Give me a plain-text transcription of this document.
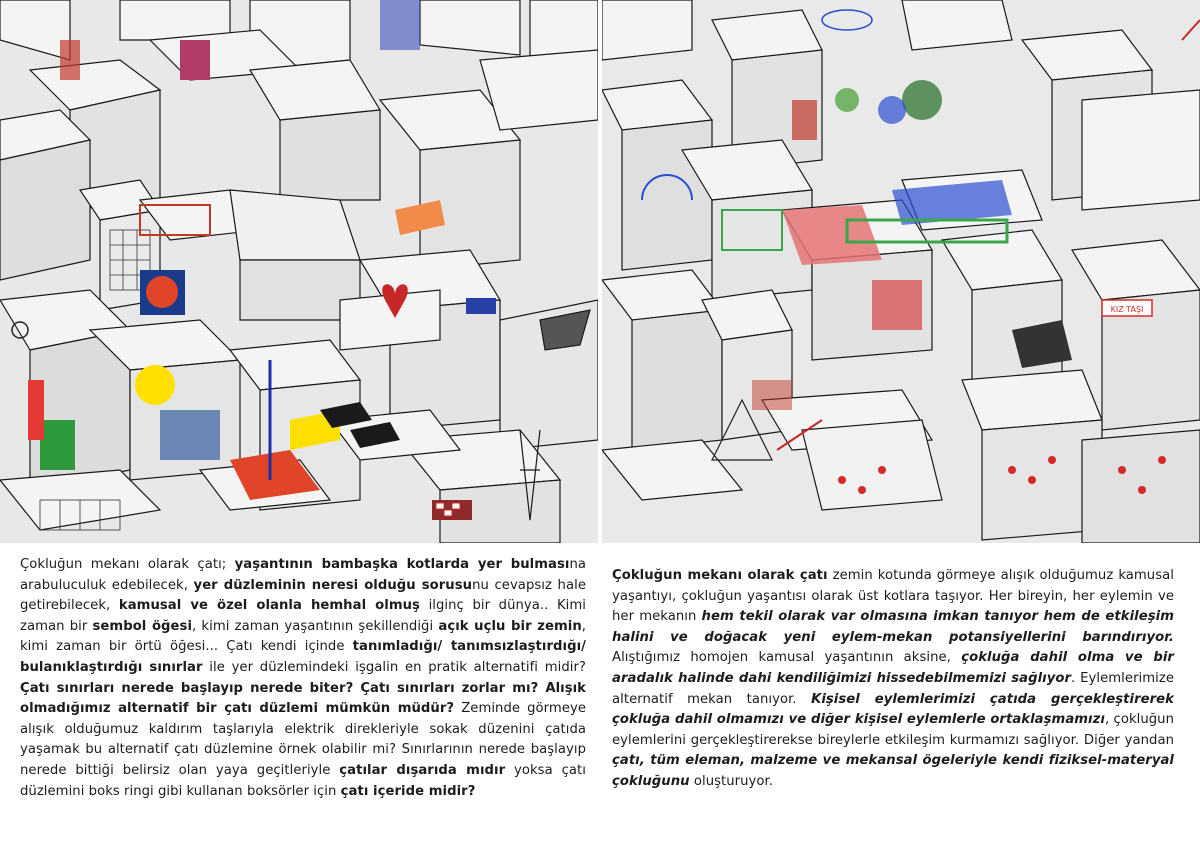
KIZ TAŞI
Çokluğun mekanı olarak çatı; yaşantının bambaşka kotlarda yer bulmasına arabuluculuk edebilecek, yer düzleminin neresi olduğu sorusunu cevapsız hale getirebilecek, kamusal ve özel olanla hemhal olmuş ilginç bir dünya.. Kimi zaman bir sembol öğesi, kimi zaman yaşantının şekillendiği açık uçlu bir zemin, kimi zaman bir örtü öğesi... Çatı kendi içinde tanımladığı/ tanımsızlaştırdığı/ bulanıklaştırdığı sınırlar ile yer düzlemindeki işgalin en pratik alternatifi midir? Çatı sınırları nerede başlayıp nerede biter? Çatı sınırları zorlar mı? Alışık olmadığımız alternatif bir çatı düzlemi mümkün müdür? Zeminde görmeye alışık olduğumuz kaldırım taşlarıyla elektrik direkleriyle sokak düzenini çatıda yaşamak bu alternatif çatı düzlemine örnek olabilir mi? Sınırlarının nerede başlayıp nerede bittiği belirsiz olan yaya geçitleriyle çatılar dışarıda mıdır yoksa çatı düzlemini boks ringi gibi kullanan boksörler için çatı içeride midir?
Çokluğun mekanı olarak çatı zemin kotunda görmeye alışık olduğumuz kamusal yaşantıyı, çokluğun yaşantısı olarak üst kotlara taşıyor. Her bireyin, her eylemin ve her mekanın hem tekil olarak var olmasına imkan tanıyor hem de etkileşim halini ve doğacak yeni eylem-mekan potansiyellerini barındırıyor. Alıştığımız homojen kamusal yaşantının aksine, çokluğa dahil olma ve bir aradalık halinde dahi kendiliğimizi hissedebilmemizi sağlıyor. Eylemlerimize alternatif mekan tanıyor. Kişisel eylemlerimizi çatıda gerçekleştirerek çokluğa dahil olmamızı ve diğer kişisel eylemlerle ortaklaşmamızı, çokluğun eylemlerini gerçekleştirerekse bireylerle etkileşim kurmamızı sağlıyor. Diğer yandan çatı, tüm eleman, malzeme ve mekansal ögeleriyle kendi fiziksel-materyal çokluğunu oluşturuyor.
